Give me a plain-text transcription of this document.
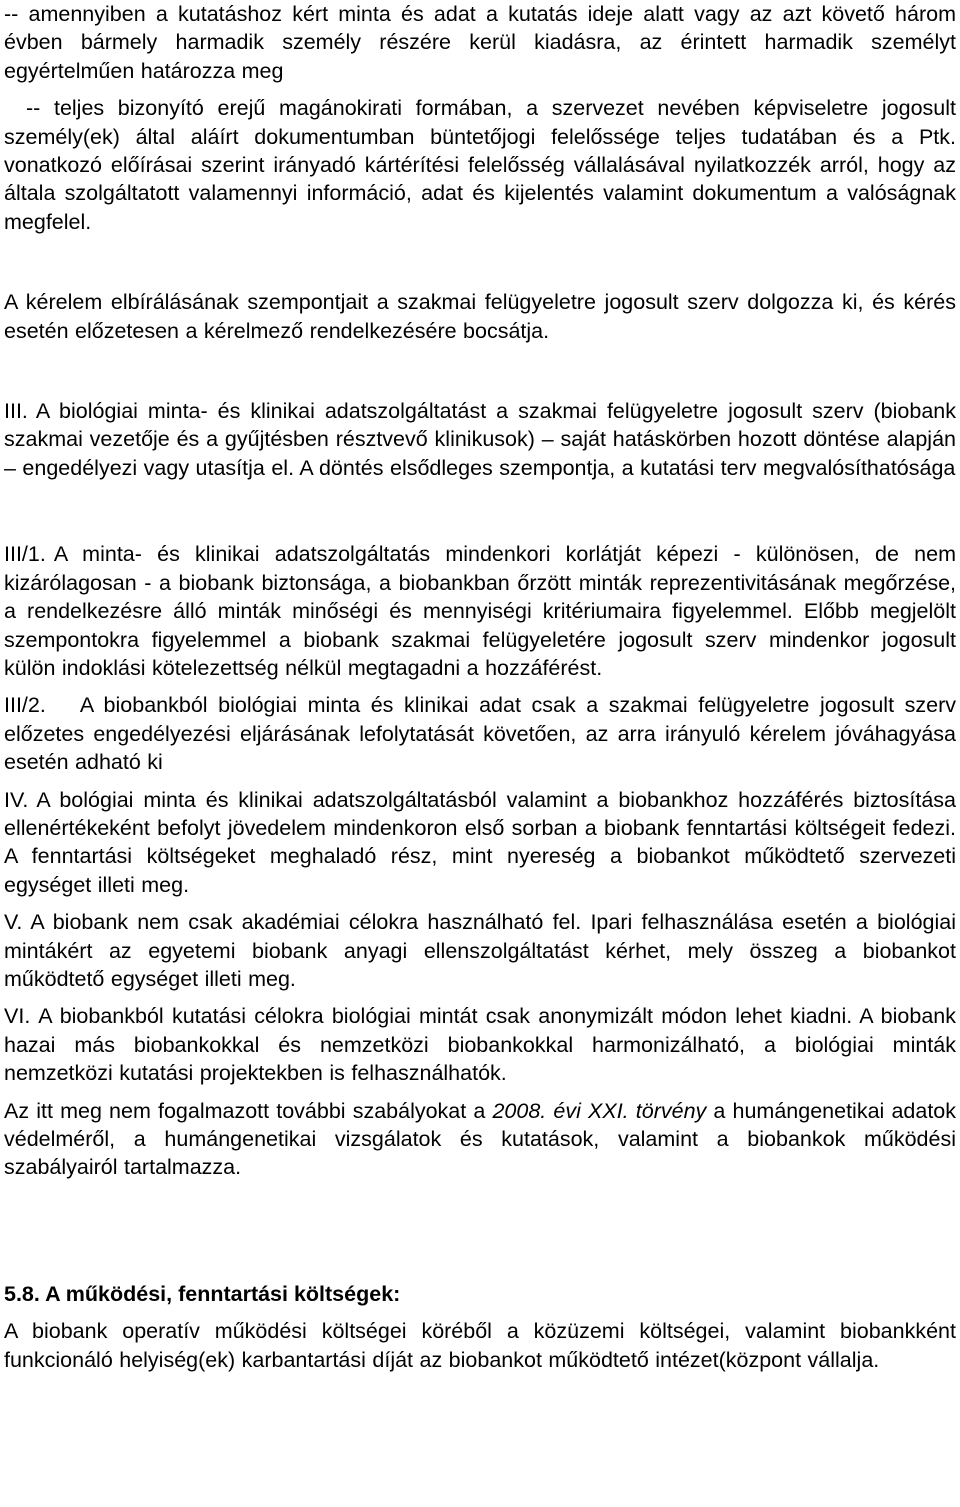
-- amennyiben a kutatáshoz kért minta és adat a kutatás ideje alatt vagy az azt követő három évben bármely harmadik személy részére kerül kiadásra, az érintett harmadik személyt egyértelműen határozza meg

-- teljes bizonyító erejű magánokirati formában, a szervezet nevében képviseletre jogosult személy(ek) által aláírt dokumentumban büntetőjogi felelőssége teljes tudatában és a Ptk. vonatkozó előírásai szerint irányadó kártérítési felelősség vállalásával nyilatkozzék arról, hogy az általa szolgáltatott valamennyi információ, adat és kijelentés valamint dokumentum a valóságnak megfelel.

A kérelem elbírálásának szempontjait a szakmai felügyeletre jogosult szerv dolgozza ki, és kérés esetén előzetesen a kérelmező rendelkezésére bocsátja.

III. A biológiai minta- és klinikai adatszolgáltatást a szakmai felügyeletre jogosult szerv (biobank szakmai vezetője és a gyűjtésben résztvevő klinikusok) – saját hatáskörben hozott döntése alapján – engedélyezi vagy utasítja el. A döntés elsődleges szempontja, a kutatási terv megvalósíthatósága

III/1. A minta- és klinikai adatszolgáltatás mindenkori korlátját képezi - különösen, de nem kizárólagosan - a biobank biztonsága, a biobankban őrzött minták reprezentivitásának megőrzése, a rendelkezésre álló minták minőségi és mennyiségi kritériumaira figyelemmel. Előbb megjelölt szempontokra figyelemmel a biobank szakmai felügyeletére jogosult szerv mindenkor jogosult külön indoklási kötelezettség nélkül megtagadni a hozzáférést.

III/2. A biobankból biológiai minta és klinikai adat csak a szakmai felügyeletre jogosult szerv előzetes engedélyezési eljárásának lefolytatását követően, az arra irányuló kérelem jóváhagyása esetén adható ki

IV. A bológiai minta és klinikai adatszolgáltatásból valamint a biobankhoz hozzáférés biztosítása ellenértékeként befolyt jövedelem mindenkoron első sorban a biobank fenntartási költségeit fedezi. A fenntartási költségeket meghaladó rész, mint nyereség a biobankot működtető szervezeti egységet illeti meg.

V. A biobank nem csak akadémiai célokra használható fel. Ipari felhasználása esetén a biológiai mintákért az egyetemi biobank anyagi ellenszolgáltatást kérhet, mely összeg a biobankot működtető egységet illeti meg.

VI. A biobankból kutatási célokra biológiai mintát csak anonymizált módon lehet kiadni. A biobank hazai más biobankokkal és nemzetközi biobankokkal harmonizálható, a biológiai minták nemzetközi kutatási projektekben is felhasználhatók.

Az itt meg nem fogalmazott további szabályokat a 2008. évi XXI. törvény a humángenetikai adatok védelméről, a humángenetikai vizsgálatok és kutatások, valamint a biobankok működési szabályairól tartalmazza.

5.8. A működési, fenntartási költségek:

A biobank operatív működési költségei köréből a közüzemi költségei, valamint biobankként funkcionáló helyiség(ek) karbantartási díját az biobankot működtető intézet(központ vállalja.
